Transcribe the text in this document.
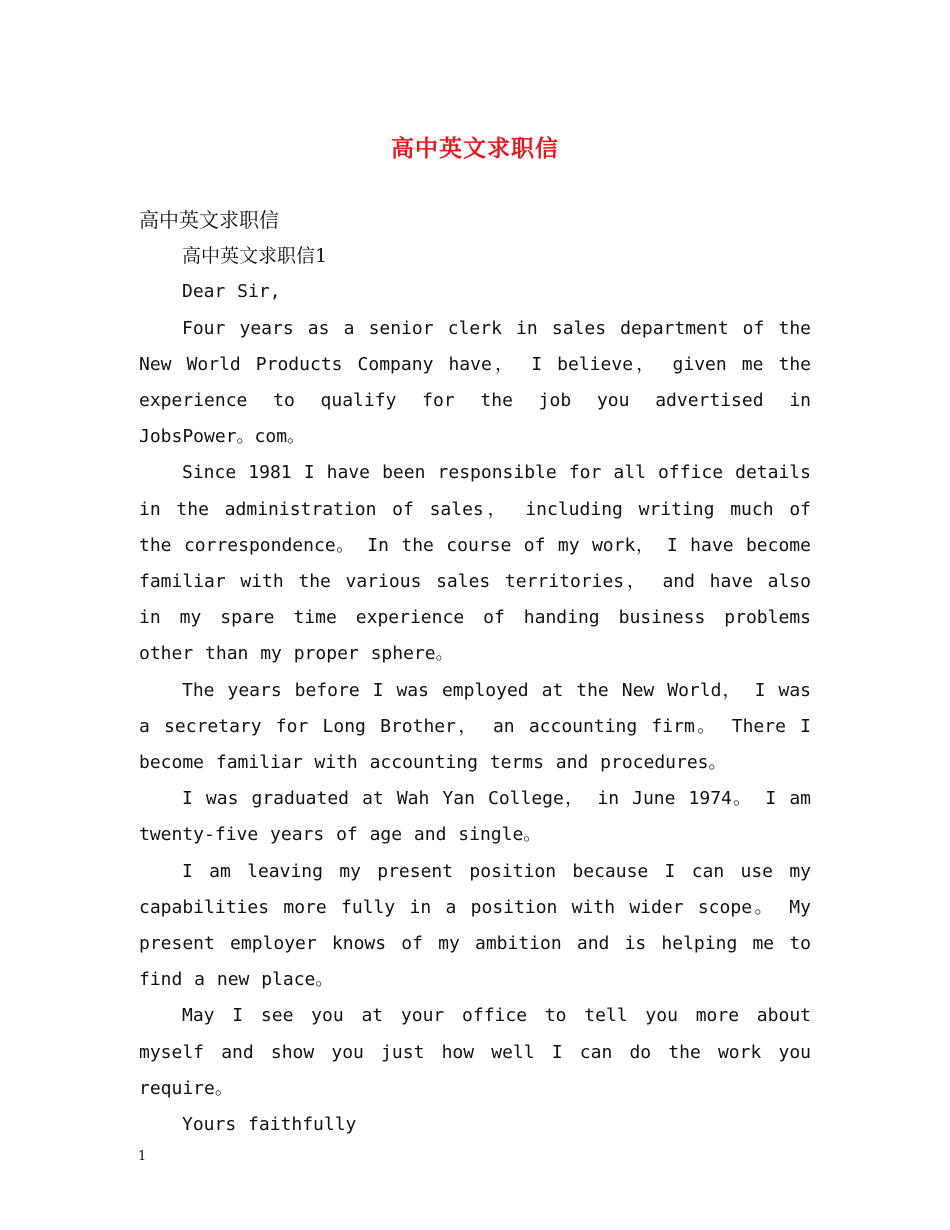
高中英文求职信

高中英文求职信

高中英文求职信1

Dear Sir,

Four years as a senior clerk in sales department of the New World Products Company have， I believe， given me the experience to qualify for the job you advertised in JobsPower。com。

Since 1981 I have been responsible for all office details in the administration of sales， including writing much of the correspondence。 In the course of my work， I have become familiar with the various sales territories， and have also in my spare time experience of handing business problems other than my proper sphere。

The years before I was employed at the New World， I was a secretary for Long Brother， an accounting firm。 There I become familiar with accounting terms and procedures。

I was graduated at Wah Yan College， in June 1974。 I am twenty-five years of age and single。

I am leaving my present position because I can use my capabilities more fully in a position with wider scope。 My present employer knows of my ambition and is helping me to find a new place。

May I see you at your office to tell you more about myself and show you just how well I can do the work you require。

Yours faithfully

1
